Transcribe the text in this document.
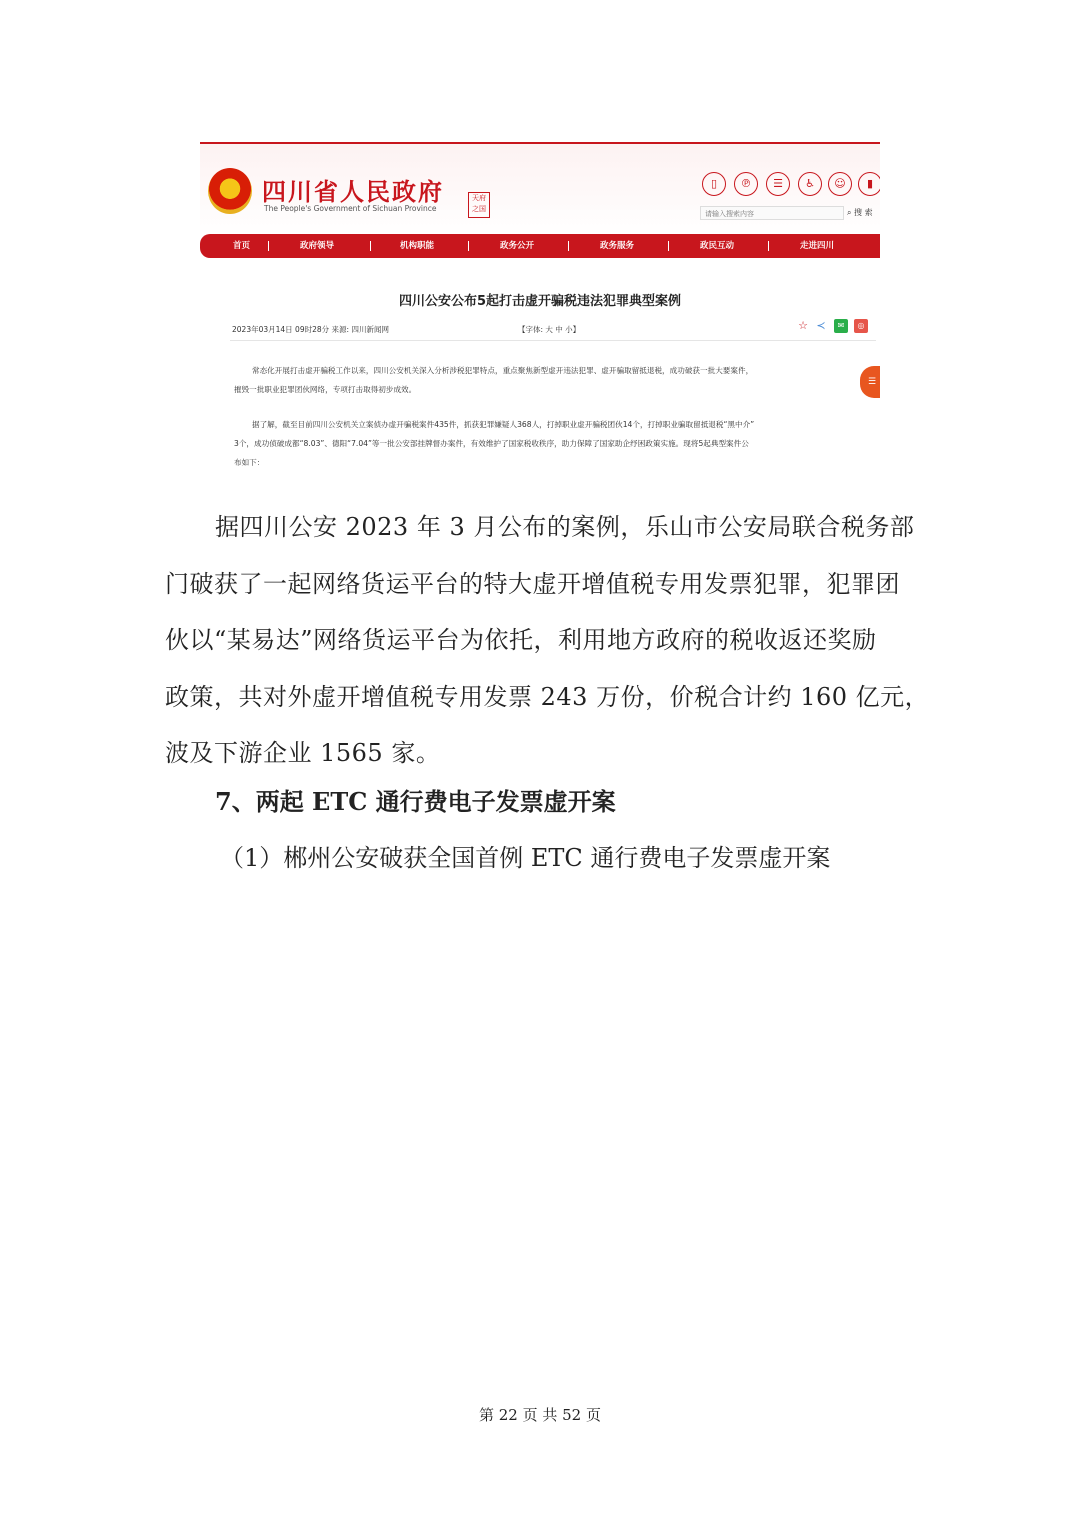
四川省人民政府
The People's Government of Sichuan Province
天府
之国
▯	℗	☰	♿	☺	▮
请输入搜索内容	⌕ 搜 索
首页	政府领导	机构职能	政务公开	政务服务	政民互动	走进四川
四川公安公布5起打击虚开骗税违法犯罪典型案例
2023年03月14日 09时28分 来源: 四川新闻网	【字体: 大 中 小】	☆ ≺	✉	◎
☰
常态化开展打击虚开骗税工作以来，四川公安机关深入分析涉税犯罪特点，重点聚焦新型虚开违法犯罪、虚开骗取留抵退税，成功破获一批大要案件，
摧毁一批职业犯罪团伙网络，专项打击取得初步成效。
据了解，截至目前四川公安机关立案侦办虚开骗税案件435件，抓获犯罪嫌疑人368人，打掉职业虚开骗税团伙14个，打掉职业骗取留抵退税“黑中介”
3个，成功侦破成都“8.03”、德阳“7.04”等一批公安部挂牌督办案件，有效维护了国家税收秩序，助力保障了国家助企纾困政策实施。现将5起典型案件公
布如下：
据四川公安 2023 年 3 月公布的案例，乐山市公安局联合税务部
门破获了一起网络货运平台的特大虚开增值税专用发票犯罪，犯罪团
伙以“某易达”网络货运平台为依托，利用地方政府的税收返还奖励
政策，共对外虚开增值税专用发票 243 万份，价税合计约 160 亿元，
波及下游企业 1565 家。
7、两起 ETC 通行费电子发票虚开案

（1）郴州公安破获全国首例 ETC 通行费电子发票虚开案

第 22 页 共 52 页
